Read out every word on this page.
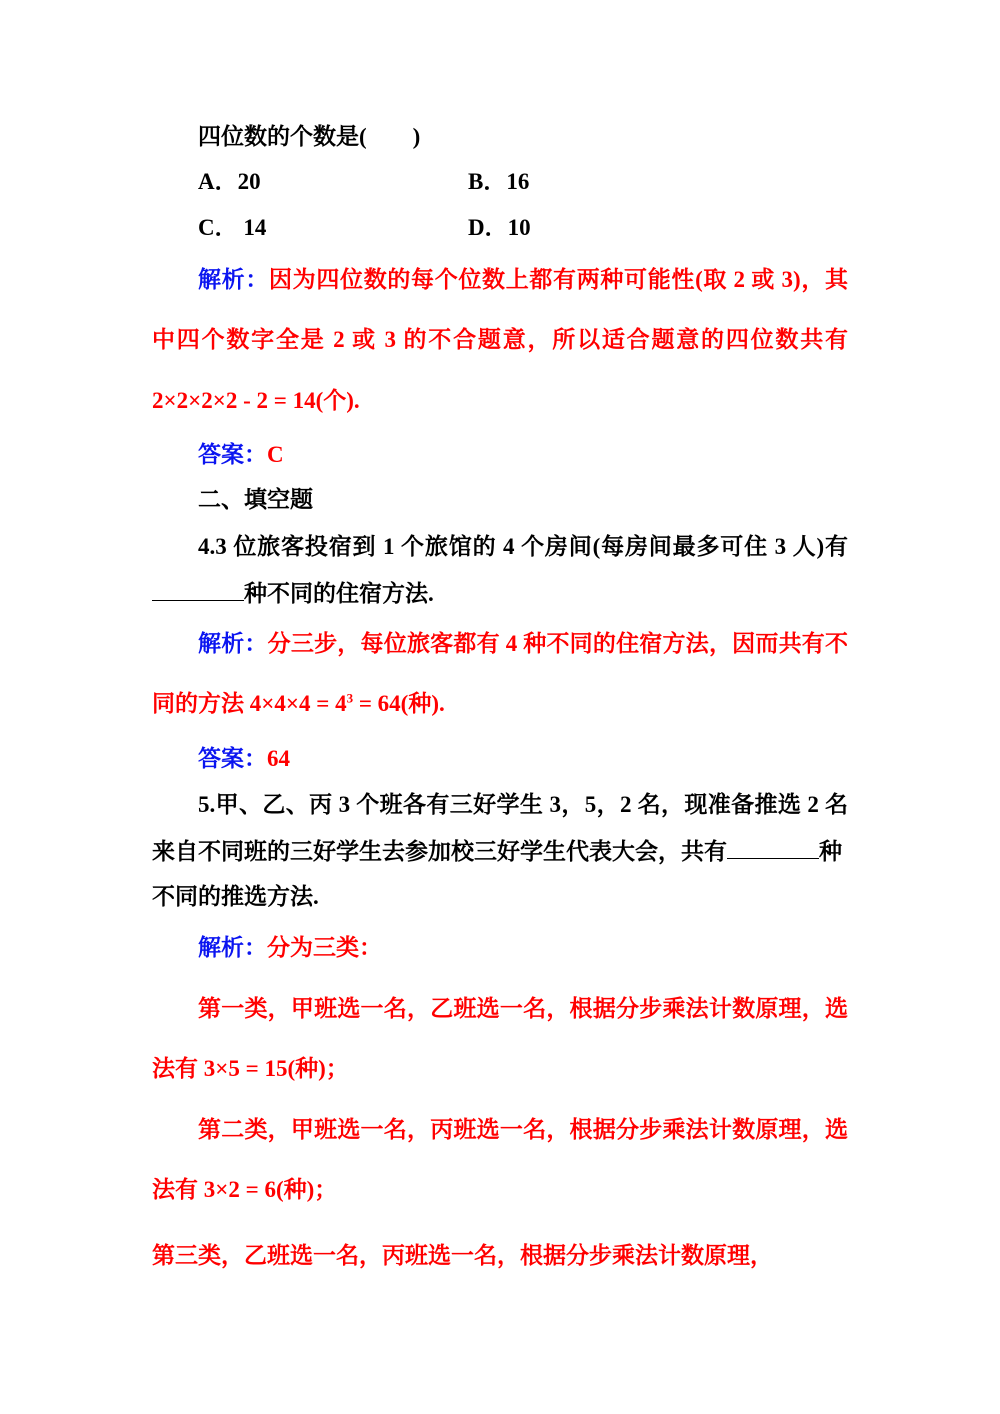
四位数的个数是(　　)
A．20	B．16
C． 14	D．10
解析：因为四位数的每个位数上都有两种可能性(取 2 或 3)，其
中四个数字全是 2 或 3 的不合题意，所以适合题意的四位数共有
2×2×2×2 - 2 = 14(个).
答案：C
二、填空题
4.3 位旅客投宿到 1 个旅馆的 4 个房间(每房间最多可住 3 人)有
种不同的住宿方法.
解析：分三步，每位旅客都有 4 种不同的住宿方法，因而共有不
同的方法 $4\times 4\times 4 = 4^3 = 64$(种).
答案：64
5.甲、乙、丙 3 个班各有三好学生 3，5，2 名，现准备推选 2 名
来自不同班的三好学生去参加校三好学生代表大会，共有	种
不同的推选方法.
解析：分为三类：
第一类，甲班选一名，乙班选一名，根据分步乘法计数原理，选
法有 3×5 = 15(种)；
第二类，甲班选一名，丙班选一名，根据分步乘法计数原理，选
法有 3×2 = 6(种)；
第三类，乙班选一名，丙班选一名，根据分步乘法计数原理，
